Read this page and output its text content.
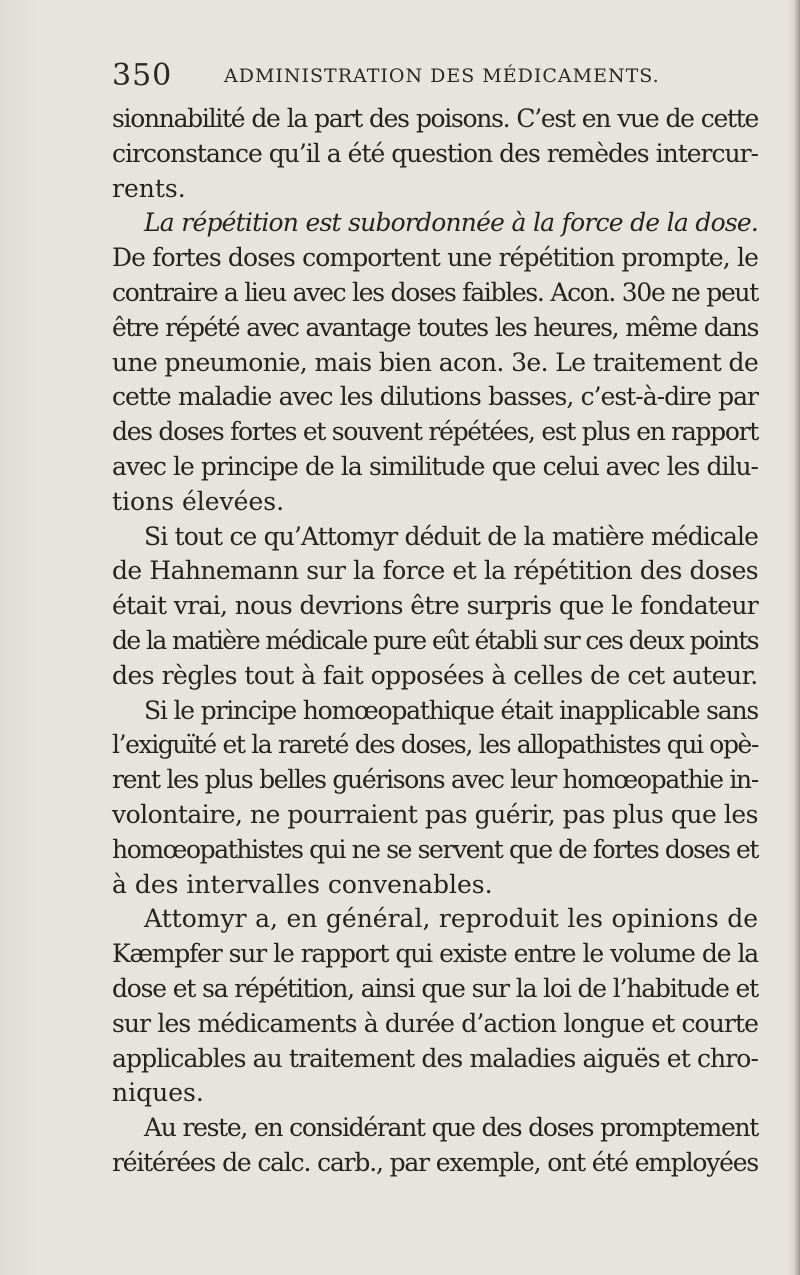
350	ADMINISTRATION DES MÉDICAMENTS.
sionnabilité de la part des poisons. C’est en vue de cette
circonstance qu’il a été question des remèdes intercur-
rents.
La répétition est subordonnée à la force de la dose.
De fortes doses comportent une répétition prompte, le
contraire a lieu avec les doses faibles. Acon. 30e ne peut
être répété avec avantage toutes les heures, même dans
une pneumonie, mais bien acon. 3e. Le traitement de
cette maladie avec les dilutions basses, c’est-à-dire par
des doses fortes et souvent répétées, est plus en rapport
avec le principe de la similitude que celui avec les dilu-
tions élevées.
Si tout ce qu’Attomyr déduit de la matière médicale
de Hahnemann sur la force et la répétition des doses
était vrai, nous devrions être surpris que le fondateur
de la matière médicale pure eût établi sur ces deux points
des règles tout à fait opposées à celles de cet auteur.
Si le principe homœopathique était inapplicable sans
l’exiguïté et la rareté des doses, les allopathistes qui opè-
rent les plus belles guérisons avec leur homœopathie in-
volontaire, ne pourraient pas guérir, pas plus que les
homœopathistes qui ne se servent que de fortes doses et
à des intervalles convenables.
Attomyr a, en général, reproduit les opinions de
Kæmpfer sur le rapport qui existe entre le volume de la
dose et sa répétition, ainsi que sur la loi de l’habitude et
sur les médicaments à durée d’action longue et courte
applicables au traitement des maladies aiguës et chro-
niques.
Au reste, en considérant que des doses promptement
réitérées de calc. carb., par exemple, ont été employées
